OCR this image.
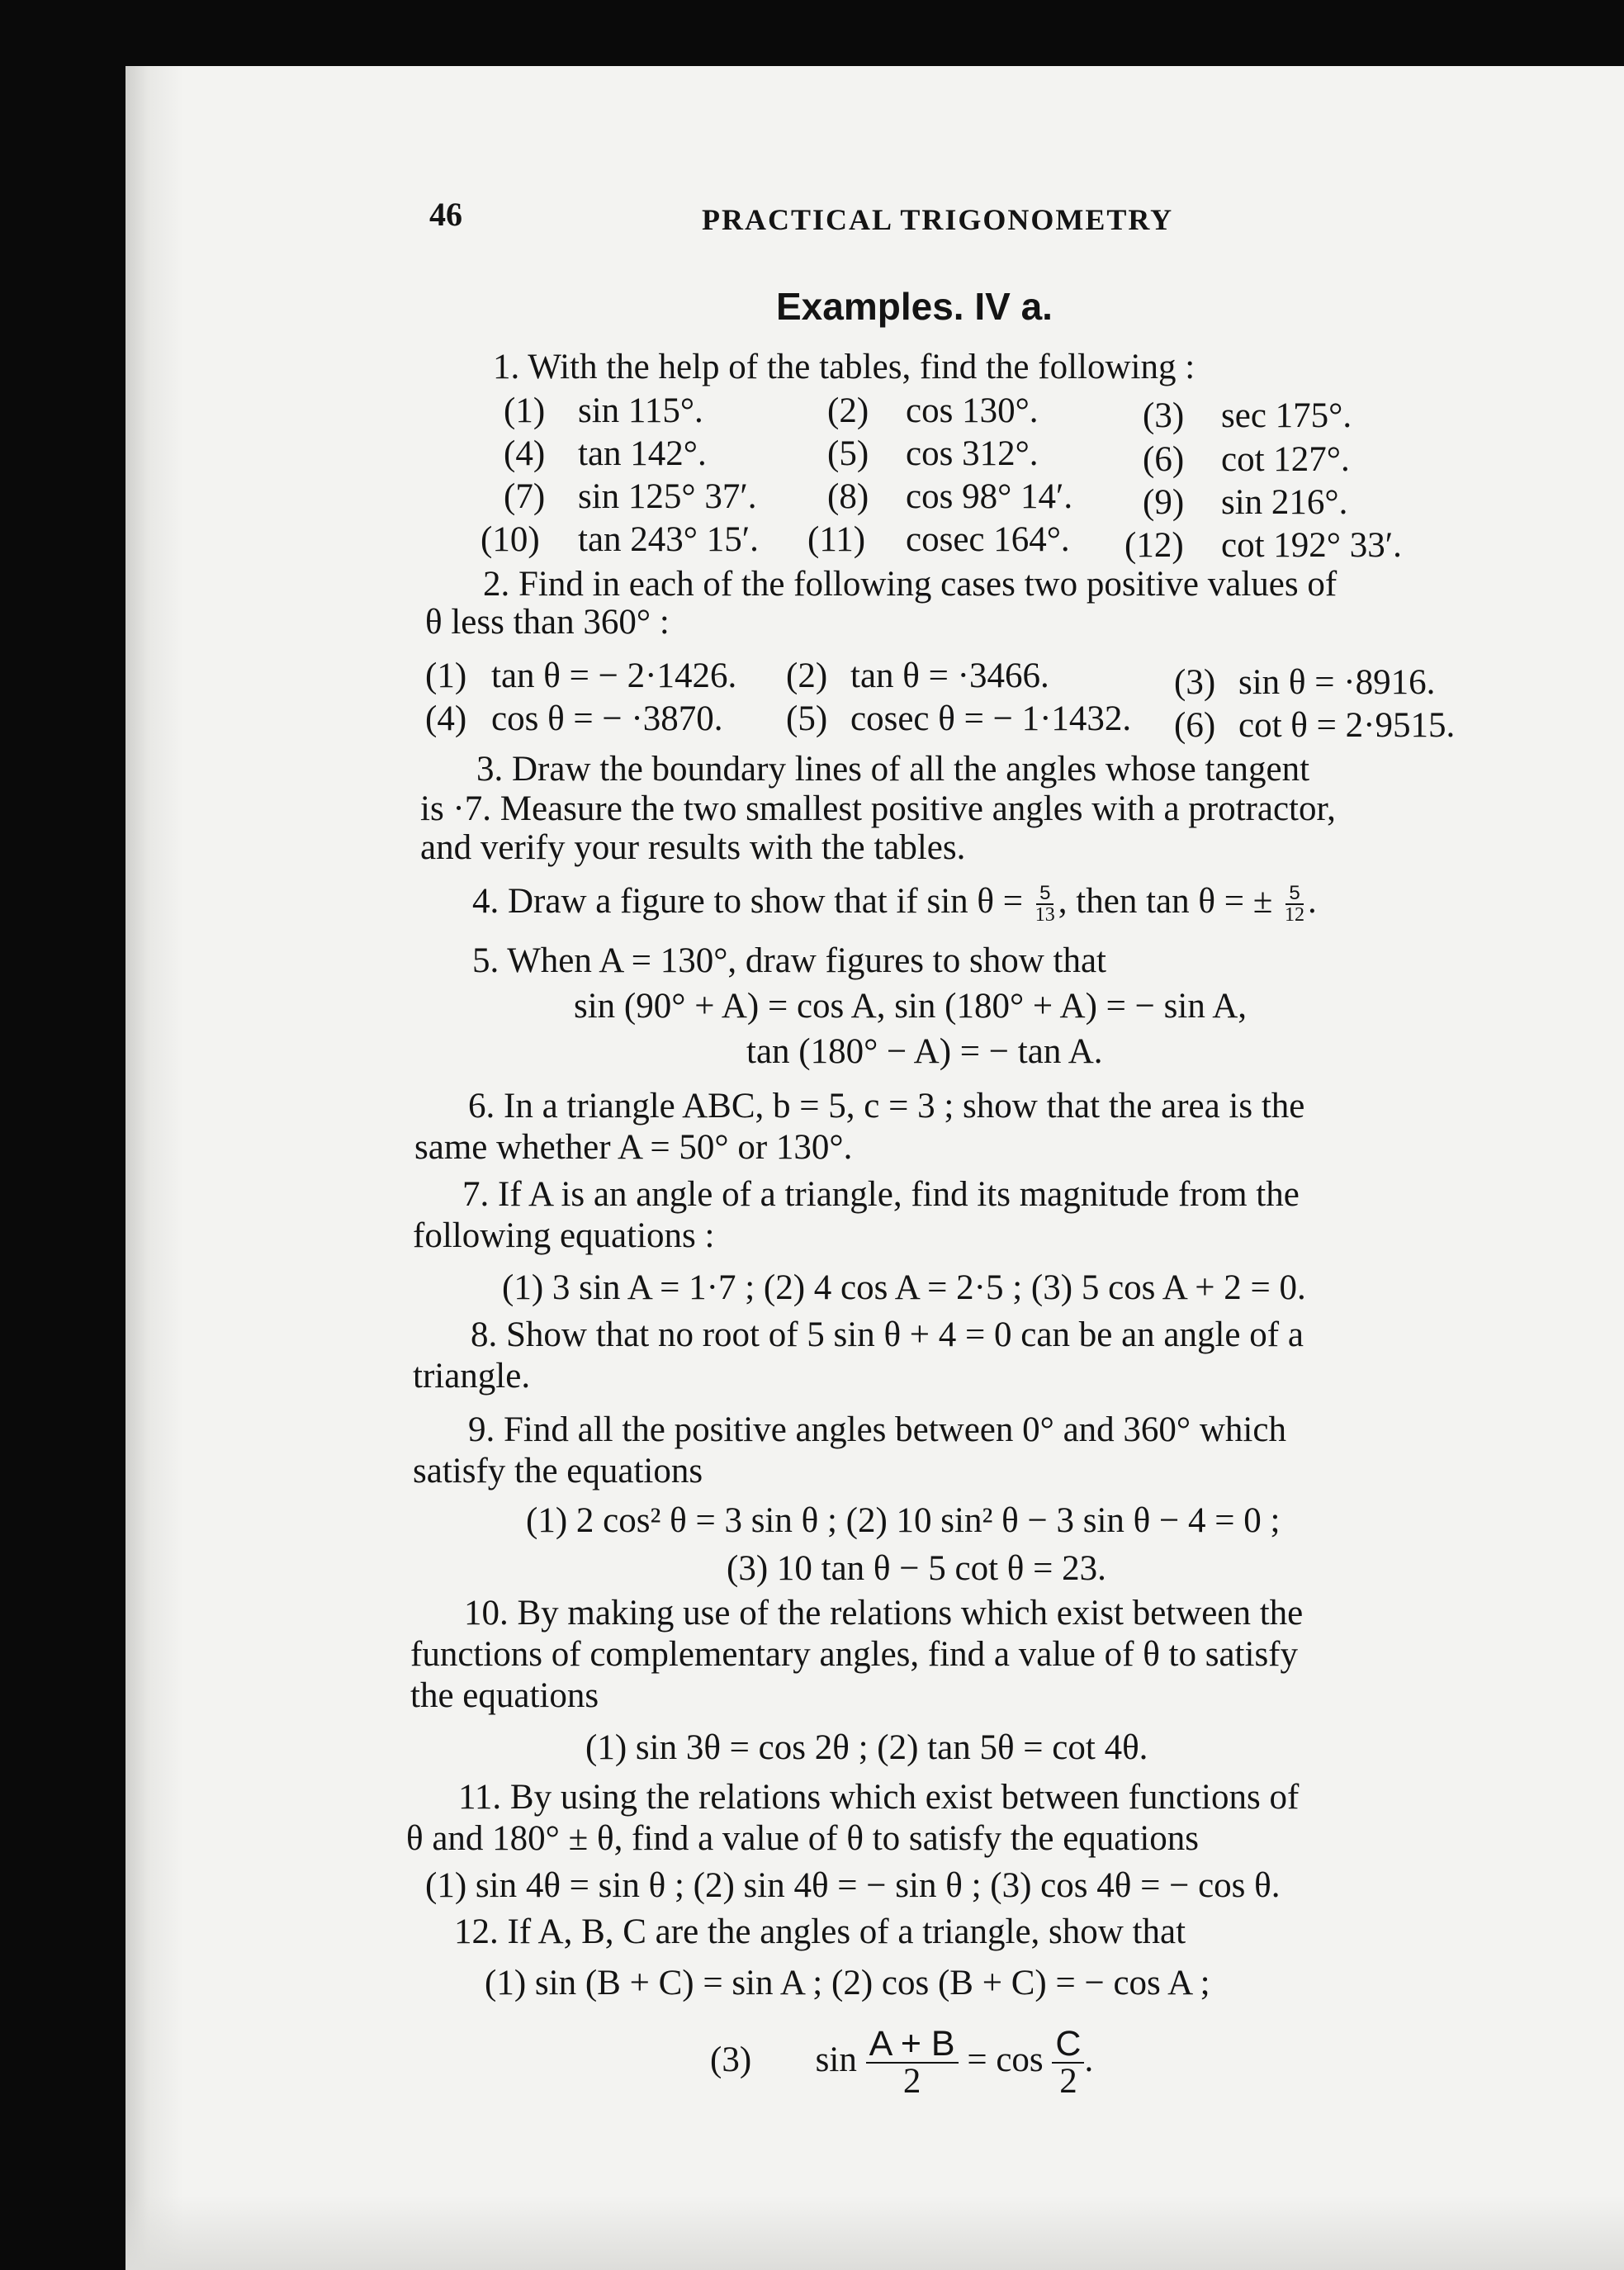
46	PRACTICAL TRIGONOMETRY
Examples. IV a.
1. With the help of the tables, find the following :
(1) sin 115°.	(2) cos 130°.	(3) sec 175°.
(4) tan 142°.	(5) cos 312°.	(6) cot 127°.
(7) sin 125° 37′. (8) cos 98° 14′. (9) sin 216°.
(10) tan 243° 15′. (11) cosec 164°. (12) cot 192° 33′.
2. Find in each of the following cases two positive values of
θ less than 360° :
(1) tan θ = − 2·1426. (2) tan θ = ·3466.	(3) sin θ = ·8916.
(4) cos θ = − ·3870. (5) cosec θ = − 1·1432. (6) cot θ = 2·9515.
3. Draw the boundary lines of all the angles whose tangent
is ·7. Measure the two smallest positive angles with a protractor,
and verify your results with the tables.
4. Draw a figure to show that if $\sin \theta = \frac{5}{13}$ , then tan θ = ± $\frac{5}{12}$ .
5. When A = 130°, draw figures to show that
sin (90° + A) = cos A, sin (180° + A) = − sin A,
tan (180° − A) = − tan A.
6. In a triangle ABC, b = 5, c = 3 ; show that the area is the
same whether A = 50° or 130°.
7. If A is an angle of a triangle, find its magnitude from the
following equations :
(1) 3 sin A = 1·7 ; (2) 4 cos A = 2·5 ; (3) 5 cos A + 2 = 0.
8. Show that no root of 5 sin θ + 4 = 0 can be an angle of a
triangle.
9. Find all the positive angles between 0° and 360° which
satisfy the equations
(1) 2 cos² θ = 3 sin θ ; (2) 10 sin² θ − 3 sin θ − 4 = 0 ;
(3) 10 tan θ − 5 cot θ = 23.
10. By making use of the relations which exist between the
functions of complementary angles, find a value of θ to satisfy
the equations
(1) sin 3θ = cos 2θ ; (2) tan 5θ = cot 4θ.
11. By using the relations which exist between functions of
θ and 180° ± θ, find a value of θ to satisfy the equations
(1) sin 4θ = sin θ ; (2) sin 4θ = − sin θ ; (3) cos 4θ = − cos θ.
12. If A, B, C are the angles of a triangle, show that
(1) sin (B + C) = sin A ; (2) cos (B + C) = − cos A ;
(3) $\sin \frac{A + B}{2} = \cos \frac{C}{2}$ .
